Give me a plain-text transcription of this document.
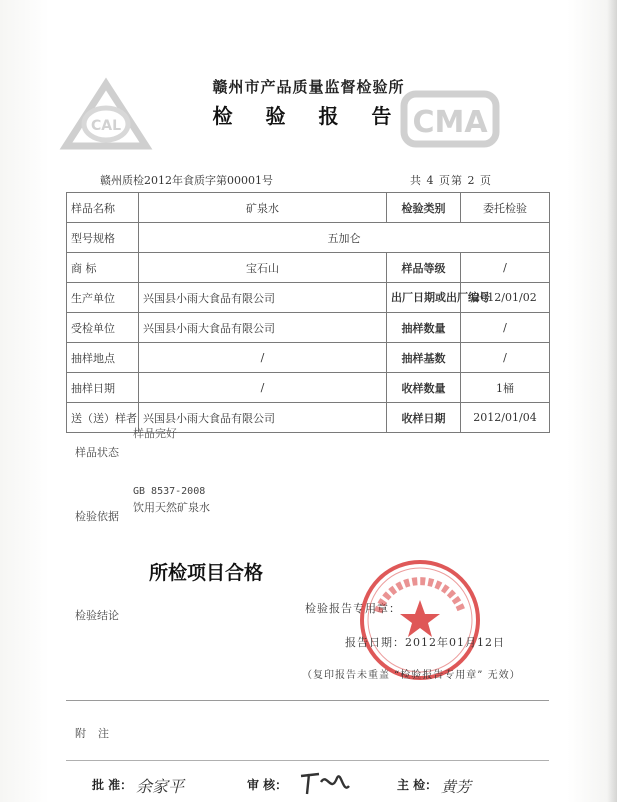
CAL	CMA
赣州市产品质量监督检验所
检 验 报 告
赣州质检2012年食质字第00001号	共 4 页第 2 页
样品名称	矿泉水	检验类别	委托检验
型号规格	五加仑		
商 标	宝石山	样品等级	/
生产单位	兴国县小雨大食品有限公司	出厂日期或出厂编号	2012/01/02
受检单位	兴国县小雨大食品有限公司	抽样数量	/
抽样地点	/	抽样基数	/
抽样日期	/	收样数量	1桶
送（送）样者	兴国县小雨大食品有限公司	收样日期	2012/01/04
样品完好
样品状态
GB 8537-2008
饮用天然矿泉水
检验依据
所检项目合格
检验结论
检验报告专用章：
报告日期：2012年01月12日
（复印报告未重盖 “检验报告专用章” 无效）
附注
批 准： 余家平	审 核：	主 检： 黄芳
